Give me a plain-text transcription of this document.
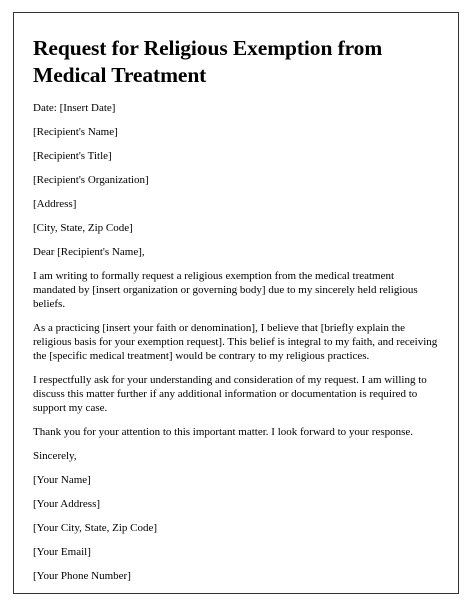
Request for Religious Exemption from Medical Treatment
Date: [Insert Date]
[Recipient's Name]
[Recipient's Title]
[Recipient's Organization]
[Address]
[City, State, Zip Code]
Dear [Recipient's Name],
I am writing to formally request a religious exemption from the medical treatment mandated by [insert organization or governing body] due to my sincerely held religious beliefs.
As a practicing [insert your faith or denomination], I believe that [briefly explain the religious basis for your exemption request]. This belief is integral to my faith, and receiving the [specific medical treatment] would be contrary to my religious practices.
I respectfully ask for your understanding and consideration of my request. I am willing to discuss this matter further if any additional information or documentation is required to support my case.
Thank you for your attention to this important matter. I look forward to your response.
Sincerely,
[Your Name]
[Your Address]
[Your City, State, Zip Code]
[Your Email]
[Your Phone Number]
